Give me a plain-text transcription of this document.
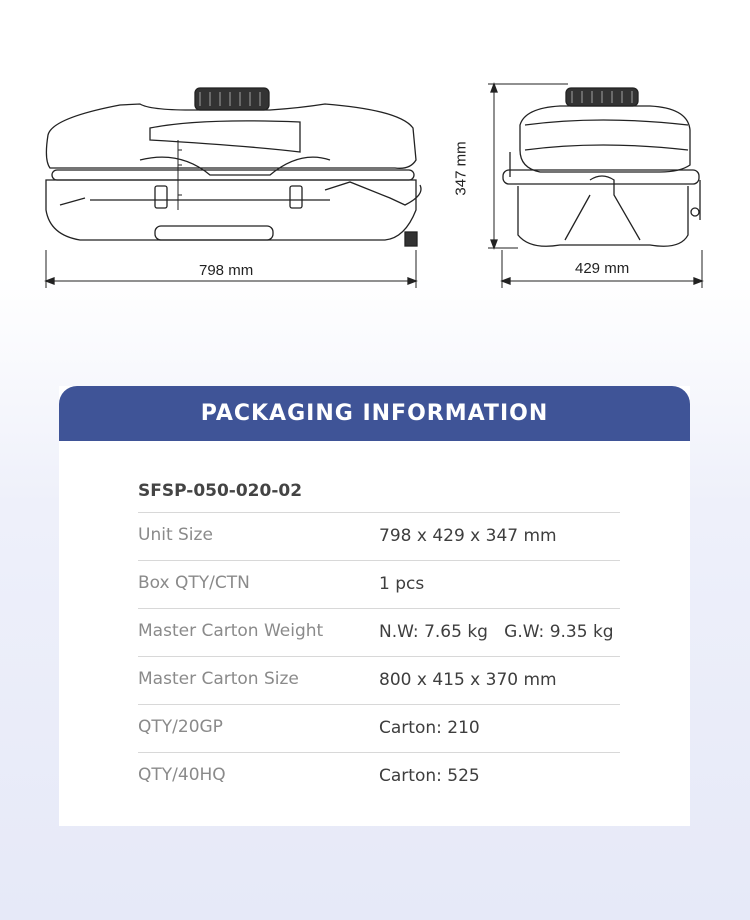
798 mm	429 mm
347 mm
PACKAGING INFORMATION
SFSP-050-020-02
Unit Size	798 x 429 x 347 mm
Box QTY/CTN	1 pcs
Master Carton Weight	N.W: 7.65 kg   G.W: 9.35 kg
Master Carton Size	800 x 415 x 370 mm
QTY/20GP	Carton: 210
QTY/40HQ	Carton: 525
